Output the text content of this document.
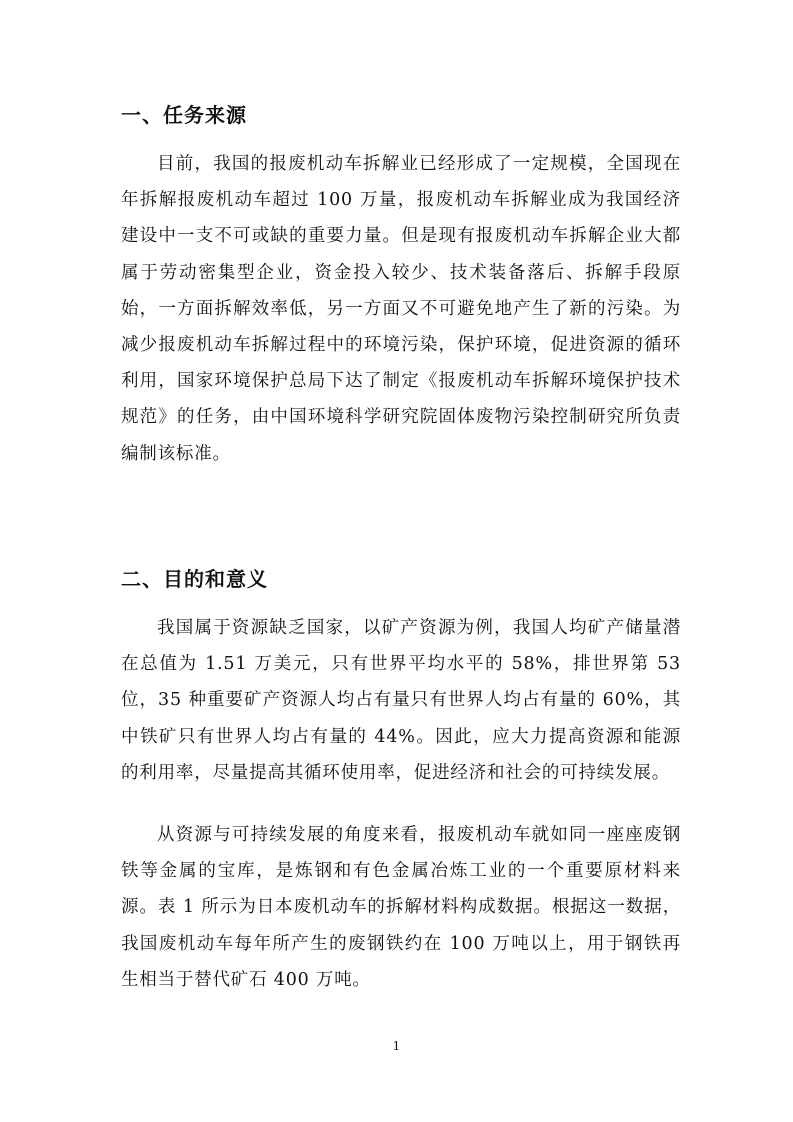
一、任务来源

目前，我国的报废机动车拆解业已经形成了一定规模，全国现在年拆解报废机动车超过 100 万量，报废机动车拆解业成为我国经济建设中一支不可或缺的重要力量。但是现有报废机动车拆解企业大都属于劳动密集型企业，资金投入较少、技术装备落后、拆解手段原始，一方面拆解效率低，另一方面又不可避免地产生了新的污染。为减少报废机动车拆解过程中的环境污染，保护环境，促进资源的循环利用，国家环境保护总局下达了制定《报废机动车拆解环境保护技术规范》的任务，由中国环境科学研究院固体废物污染控制研究所负责编制该标准。

二、目的和意义

我国属于资源缺乏国家，以矿产资源为例，我国人均矿产储量潜在总值为 1.51 万美元，只有世界平均水平的 58%，排世界第 53 位，35 种重要矿产资源人均占有量只有世界人均占有量的 60%，其中铁矿只有世界人均占有量的 44%。因此，应大力提高资源和能源的利用率，尽量提高其循环使用率，促进经济和社会的可持续发展。

从资源与可持续发展的角度来看，报废机动车就如同一座座废钢铁等金属的宝库，是炼钢和有色金属冶炼工业的一个重要原材料来源。表 1 所示为日本废机动车的拆解材料构成数据。根据这一数据，我国废机动车每年所产生的废钢铁约在 100 万吨以上，用于钢铁再生相当于替代矿石 400 万吨。

1
